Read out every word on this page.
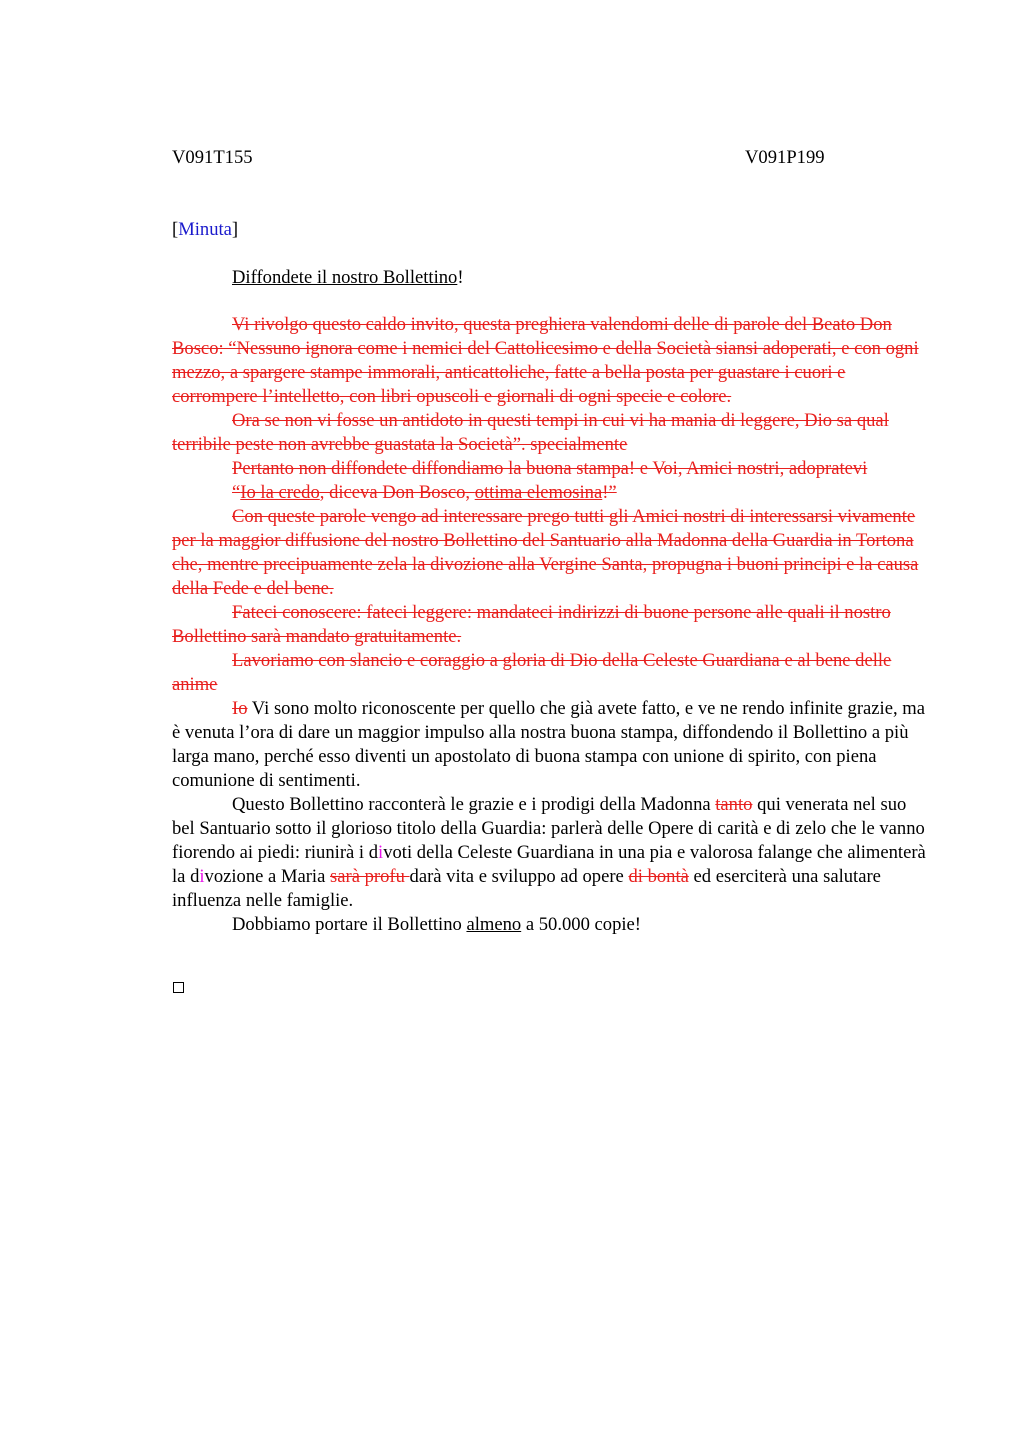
V091T155	V091P199
[Minuta]
Diffondete il nostro Bollettino!

Vi rivolgo questo caldo invito, questa preghiera valendomi delle di parole del Beato Don Bosco: “Nessuno ignora come i nemici del Cattolicesimo e della Società siansi adoperati, e con ogni mezzo, a spargere stampe immorali, anticattoliche, fatte a bella posta per guastare i cuori e corrompere l’intelletto, con libri opuscoli e giornali di ogni specie e colore.

Ora se non vi fosse un antidoto in questi tempi in cui vi ha mania di leggere, Dio sa qual terribile peste non avrebbe guastata la Società”. specialmente

Pertanto non diffondete diffondiamo la buona stampa! e Voi, Amici nostri, adopratevi

“Io la credo, diceva Don Bosco, ottima elemosina!”

Con queste parole vengo ad interessare prego tutti gli Amici nostri di interessarsi vivamente per la maggior diffusione del nostro Bollettino del Santuario alla Madonna della Guardia in Tortona che, mentre precipuamente zela la divozione alla Vergine Santa, propugna i buoni principi e la causa della Fede e del bene.

Fateci conoscere: fateci leggere: mandateci indirizzi di buone persone alle quali il nostro Bollettino sarà mandato gratuitamente.

Lavoriamo con slancio e coraggio a gloria di Dio della Celeste Guardiana e al bene delle anime

Io Vi sono molto riconoscente per quello che già avete fatto, e ve ne rendo infinite grazie, ma è venuta l’ora di dare un maggior impulso alla nostra buona stampa, diffondendo il Bollettino a più larga mano, perché esso diventi un apostolato di buona stampa con unione di spirito, con piena comunione di sentimenti.

Questo Bollettino racconterà le grazie e i prodigi della Madonna tanto qui venerata nel suo bel Santuario sotto il glorioso titolo della Guardia: parlerà delle Opere di carità e di zelo che le vanno fiorendo ai piedi: riunirà i divoti della Celeste Guardiana in una pia e valorosa falange che alimenterà la divozione a Maria sarà profu darà vita e sviluppo ad opere di bontà ed eserciterà una salutare influenza nelle famiglie.

Dobbiamo portare il Bollettino almeno a 50.000 copie!
